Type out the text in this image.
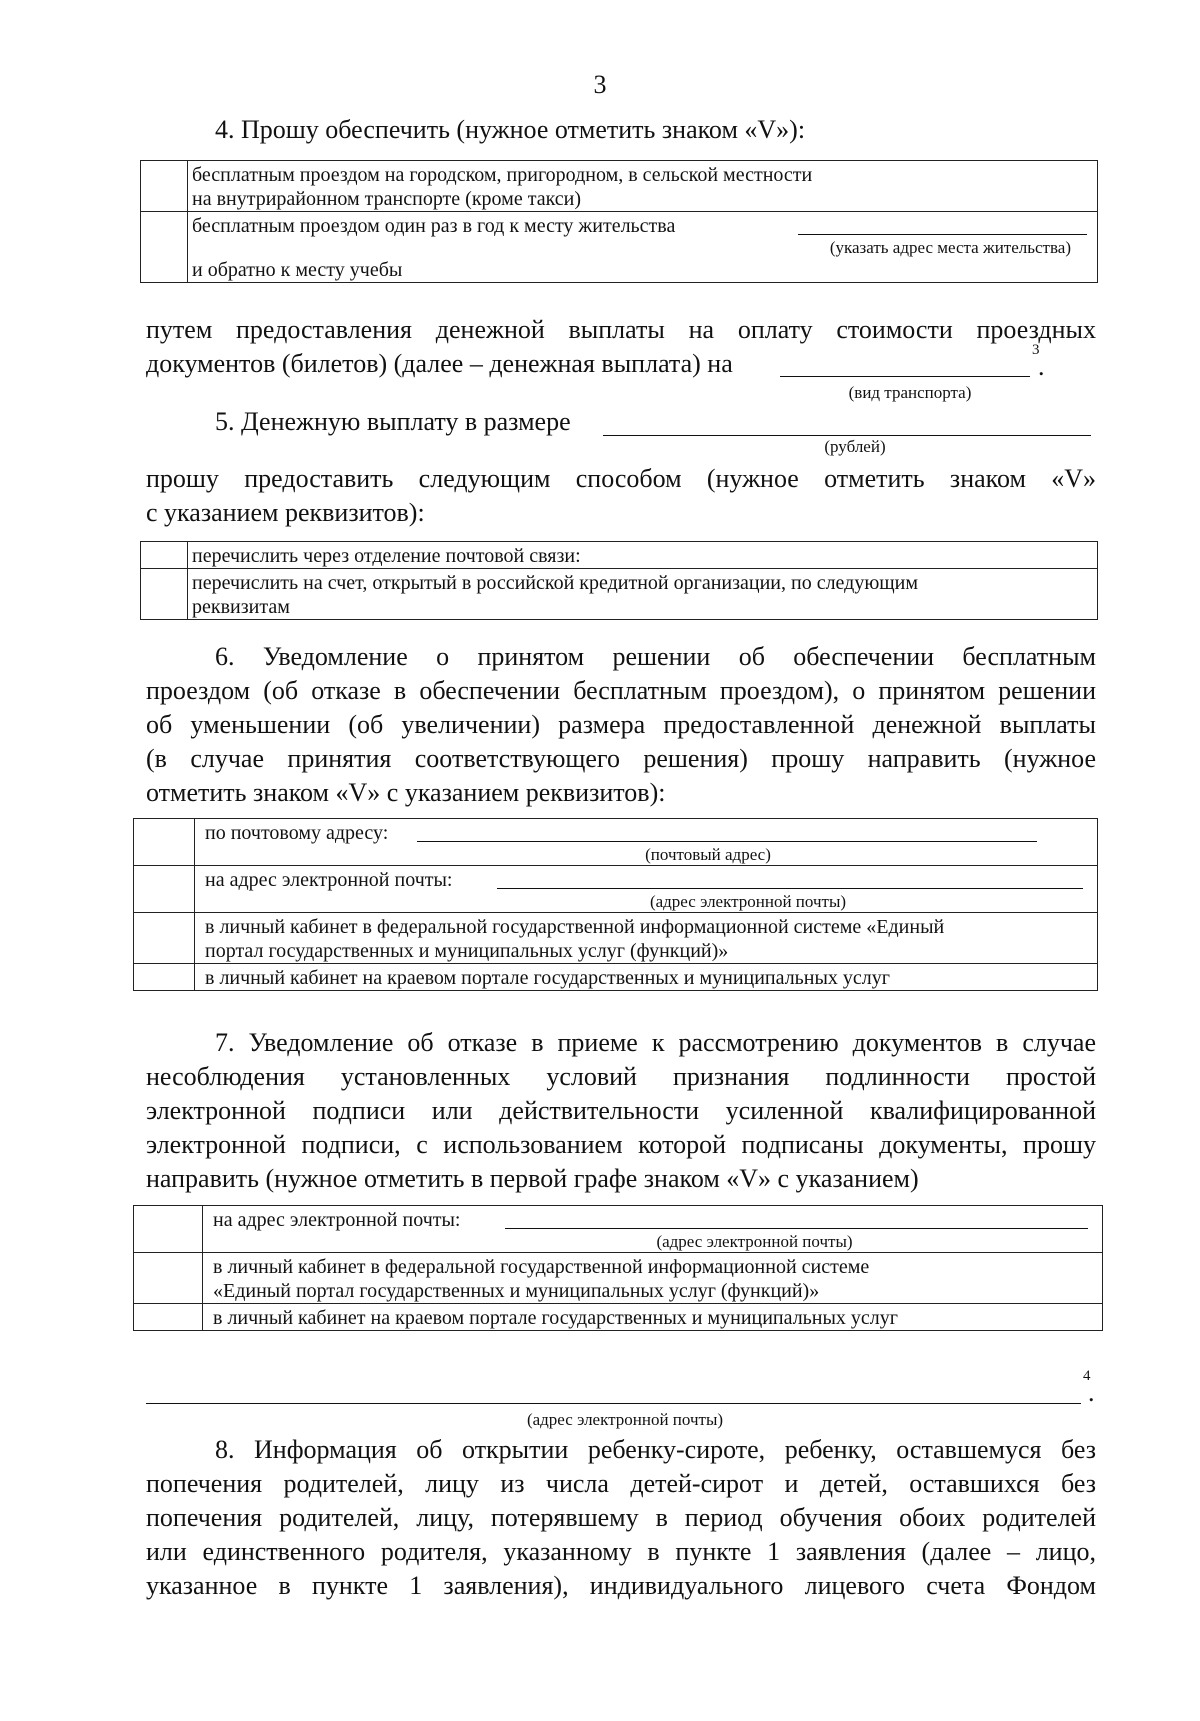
3
4. Прошу обеспечить (нужное отметить знаком «V»):

	бесплатным проездом на городском, пригородном, в сельской местности
на внутрирайонном транспорте (кроме такси)

	бесплатным проездом один раз в год к месту жительства
(указать адрес места жительства)
и обратно к месту учебы
путем предоставления денежной выплаты на оплату стоимости проездных
документов (билетов) (далее – денежная выплата) на	3
.
(вид транспорта)
5. Денежную выплату в размере
(рублей)
прошу предоставить следующим способом (нужное отметить знаком «V»
с указанием реквизитов):

	перечислить через отделение почтовой связи:

	перечислить на счет, открытый в российской кредитной организации, по следующим
реквизитам
6. Уведомление о принятом решении об обеспечении бесплатным
проездом (об отказе в обеспечении бесплатным проездом), о принятом решении
об уменьшении (об увеличении) размера предоставленной денежной выплаты
(в случае принятия соответствующего решения) прошу направить (нужное
отметить знаком «V» с указанием реквизитов):

	по почтовому адресу:
(почтовый адрес)

	на адрес электронной почты:
(адрес электронной почты)

	в личный кабинет в федеральной государственной информационной системе «Единый
портал государственных и муниципальных услуг (функций)»

	в личный кабинет на краевом портале государственных и муниципальных услуг
7. Уведомление об отказе в приеме к рассмотрению документов в случае
несоблюдения установленных условий признания подлинности простой
электронной подписи или действительности усиленной квалифицированной
электронной подписи, с использованием которой подписаны документы, прошу
направить (нужное отметить в первой графе знаком «V» с указанием)

	на адрес электронной почты:
(адрес электронной почты)

	в личный кабинет в федеральной государственной информационной системе
«Единый портал государственных и муниципальных услуг (функций)»

	в личный кабинет на краевом портале государственных и муниципальных услуг
4
.
(адрес электронной почты)
8. Информация об открытии ребенку-сироте, ребенку, оставшемуся без
попечения родителей, лицу из числа детей-сирот и детей, оставшихся без
попечения родителей, лицу, потерявшему в период обучения обоих родителей
или единственного родителя, указанному в пункте 1 заявления (далее – лицо,
указанное в пункте 1 заявления), индивидуального лицевого счета Фондом
